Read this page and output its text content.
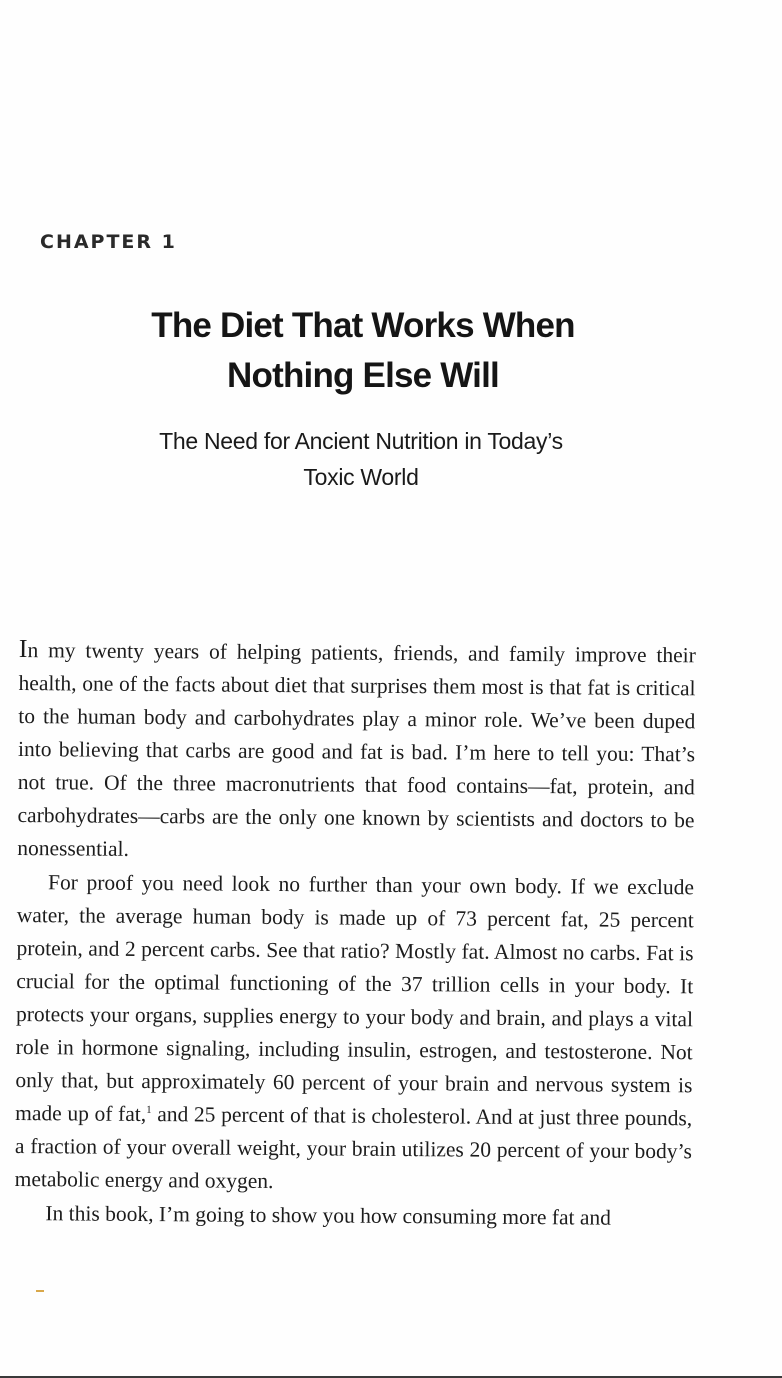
CHAPTER 1
The Diet That Works When
Nothing Else Will
The Need for Ancient Nutrition in Today’s
Toxic World

In my twenty years of helping patients, friends, and family improve their health, one of the facts about diet that surprises them most is that fat is critical to the human body and carbohydrates play a minor role. We’ve been duped into believing that carbs are good and fat is bad. I’m here to tell you: That’s not true. Of the three macronutrients that food contains—fat, protein, and carbohydrates—carbs are the only one known by scientists and doctors to be nonessential.

For proof you need look no further than your own body. If we exclude water, the average human body is made up of 73 percent fat, 25 percent protein, and 2 percent carbs. See that ratio? Mostly fat. Almost no carbs. Fat is crucial for the optimal functioning of the 37 trillion cells in your body. It protects your organs, supplies energy to your body and brain, and plays a vital role in hormone signaling, including insulin, estrogen, and testosterone. Not only that, but approximately 60 percent of your brain and nervous system is made up of fat,$^1$ and 25 percent of that is cholesterol. And at just three pounds, a fraction of your overall weight, your brain utilizes 20 percent of your body’s metabolic energy and oxygen.

In this book, I’m going to show you how consuming more fat and
